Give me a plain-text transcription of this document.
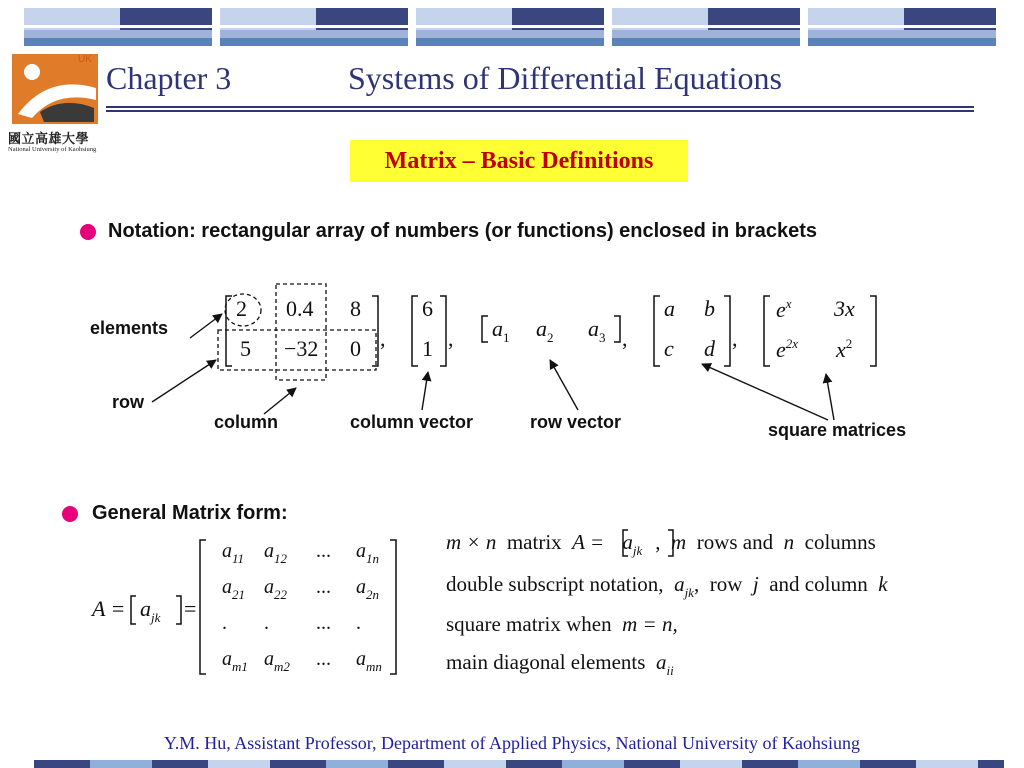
UK
國立高雄大學
National University of Kaohsiung
Chapter 3	Systems of Differential Equations
Matrix – Basic Definitions
Notation: rectangular array of numbers (or functions) enclosed in brackets
elements
row
column	column vector	row vector	square matrices
2 0.4 8
5 −32 0 ,
6
1 , $a_1$ $a_2$ $a_3$ ,
a b
c d ,
$e^x$ 3x
$e^{2x}$ $x^2$
General Matrix form:
$A = a_{jk}$ =
$a_{11}$ $a_{12}$ ... $a_{1n}$
$a_{21}$ $a_{22}$ ... $a_{2n}$
. . ... .
$a_{m1}$ $a_{m2}$ ... $a_{mn}$
m × n matrix $A = a_{jk}$ ,  m rows and n columns
double subscript notation, $a_{jk}$,  row j and column k
square matrix when m = n,
main diagonal elements $a_{ii}$
Y.M. Hu, Assistant Professor, Department of Applied Physics, National University of Kaohsiung
